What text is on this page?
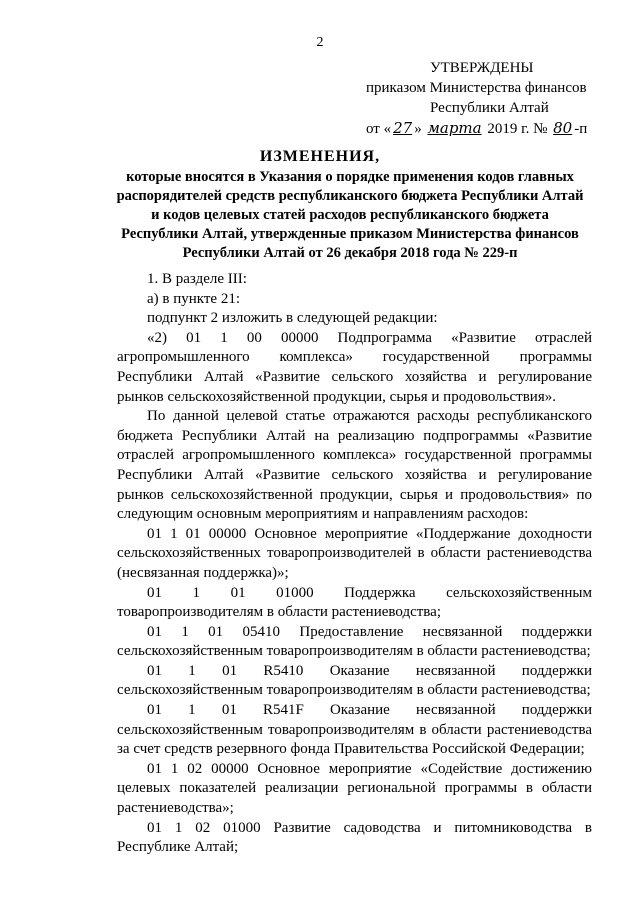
2
УТВЕРЖДЕНЫ
приказом Министерства финансов
Республики Алтай
от « 27 » марта 2019 г. № 80 -п
ИЗМЕНЕНИЯ,
которые вносятся в Указания о порядке применения кодов главных распорядителей средств республиканского бюджета Республики Алтай и кодов целевых статей расходов республиканского бюджета Республики Алтай, утвержденные приказом Министерства финансов Республики Алтай от 26 декабря 2018 года № 229-п

1. В разделе III:

а) в пункте 21:

подпункт 2 изложить в следующей редакции:

«2) 01 1 00 00000 Подпрограмма «Развитие отраслей агропромышленного комплекса» государственной программы Республики Алтай «Развитие сельского хозяйства и регулирование рынков сельскохозяйственной продукции, сырья и продовольствия».

По данной целевой статье отражаются расходы республиканского бюджета Республики Алтай на реализацию подпрограммы «Развитие отраслей агропромышленного комплекса» государственной программы Республики Алтай «Развитие сельского хозяйства и регулирование рынков сельскохозяйственной продукции, сырья и продовольствия» по следующим основным мероприятиям и направлениям расходов:

01 1 01 00000 Основное мероприятие «Поддержание доходности сельскохозяйственных товаропроизводителей в области растениеводства (несвязанная поддержка)»;

01 1 01 01000 Поддержка сельскохозяйственным товаропроизводителям в области растениеводства;

01 1 01 05410 Предоставление несвязанной поддержки сельскохозяйственным товаропроизводителям в области растениеводства;

01 1 01 R5410 Оказание несвязанной поддержки сельскохозяйственным товаропроизводителям в области растениеводства;

01 1 01 R541F Оказание несвязанной поддержки сельскохозяйственным товаропроизводителям в области растениеводства за счет средств резервного фонда Правительства Российской Федерации;

01 1 02 00000 Основное мероприятие «Содействие достижению целевых показателей реализации региональной программы в области растениеводства»;

01 1 02 01000 Развитие садоводства и питомниководства в Республике Алтай;
